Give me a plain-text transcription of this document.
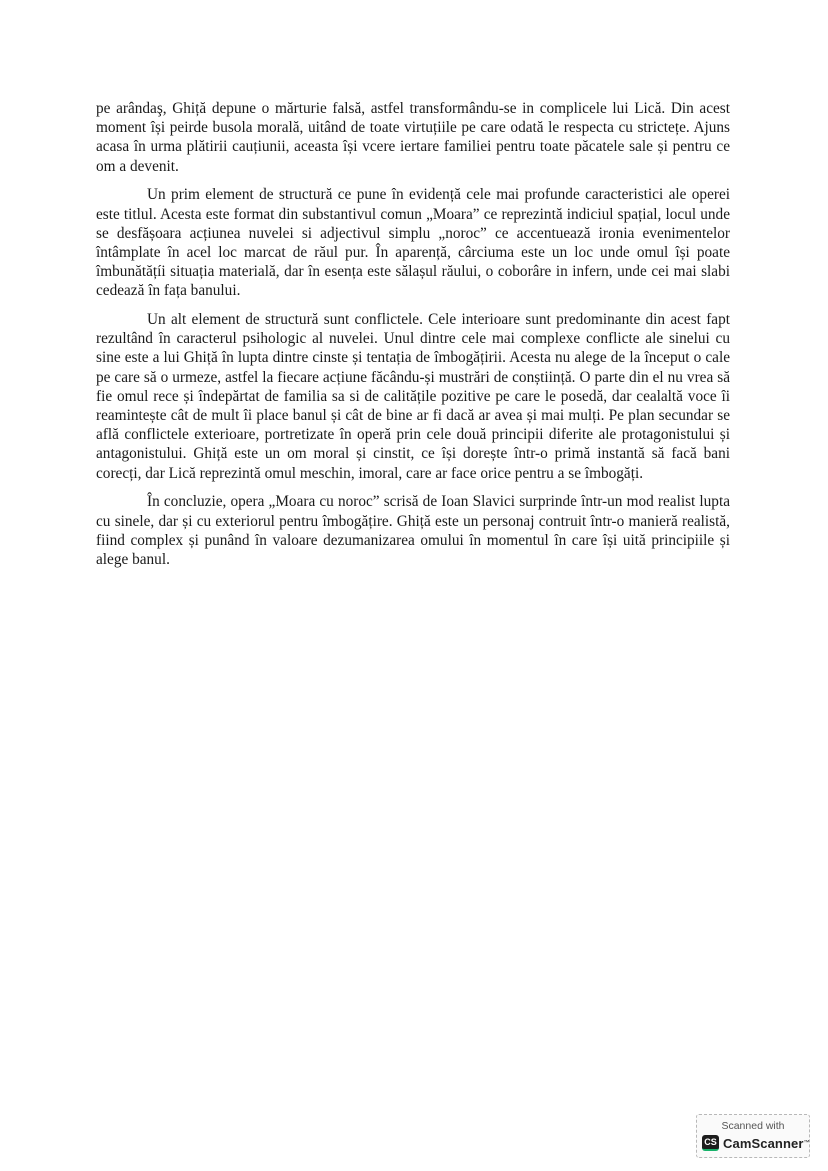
pe arândaş, Ghiță depune o mărturie falsă, astfel transformându-se in complicele lui Lică. Din acest moment își peirde busola morală, uitând de toate virtuțiile pe care odată le respecta cu strictețe. Ajuns acasa în urma plătirii cauțiunii, aceasta își vcere iertare familiei pentru toate păcatele sale și pentru ce om a devenit.

Un prim element de structură ce pune în evidență cele mai profunde caracteristici ale operei este titlul. Acesta este format din substantivul comun „Moara” ce reprezintă indiciul spațial, locul unde se desfășoara acțiunea nuvelei si adjectivul simplu „noroc” ce accentuează ironia evenimentelor întâmplate în acel loc marcat de răul pur. În aparență, cârciuma este un loc unde omul își poate îmbunătățíi situația materială, dar în esența este sălașul răului, o coborâre in infern, unde cei mai slabi cedează în fața banului.

Un alt element de structură sunt conflictele. Cele interioare sunt predominante din acest fapt rezultând în caracterul psihologic al nuvelei. Unul dintre cele mai complexe conflicte ale sinelui cu sine este a lui Ghiță în lupta dintre cinste și tentația de îmbogățirii. Acesta nu alege de la început o cale pe care să o urmeze, astfel la fiecare acțiune făcându-și mustrări de conștiință. O parte din el nu vrea să fie omul rece și îndepărtat de familia sa si de calitățile pozitive pe care le posedă, dar cealaltă voce îi reamintește cât de mult îi place banul și cât de bine ar fi dacă ar avea și mai mulți. Pe plan secundar se află conflictele exterioare, portretizate în operă prin cele două principii diferite ale protagonistului și antagonistului. Ghiță este un om moral și cinstit, ce își dorește într-o primă instantă să facă bani corecți, dar Lică reprezintă omul meschin, imoral, care ar face orice pentru a se îmbogăți.

În concluzie, opera „Moara cu noroc” scrisă de Ioan Slavici surprinde într-un mod realist lupta cu sinele, dar și cu exteriorul pentru îmbogățire. Ghiță este un personaj contruit într-o manieră realistă, fiind complex și punând în valoare dezumanizarea omului în momentul în care își uită principiile și alege banul.

Scanned with
CS CamScanner ™
